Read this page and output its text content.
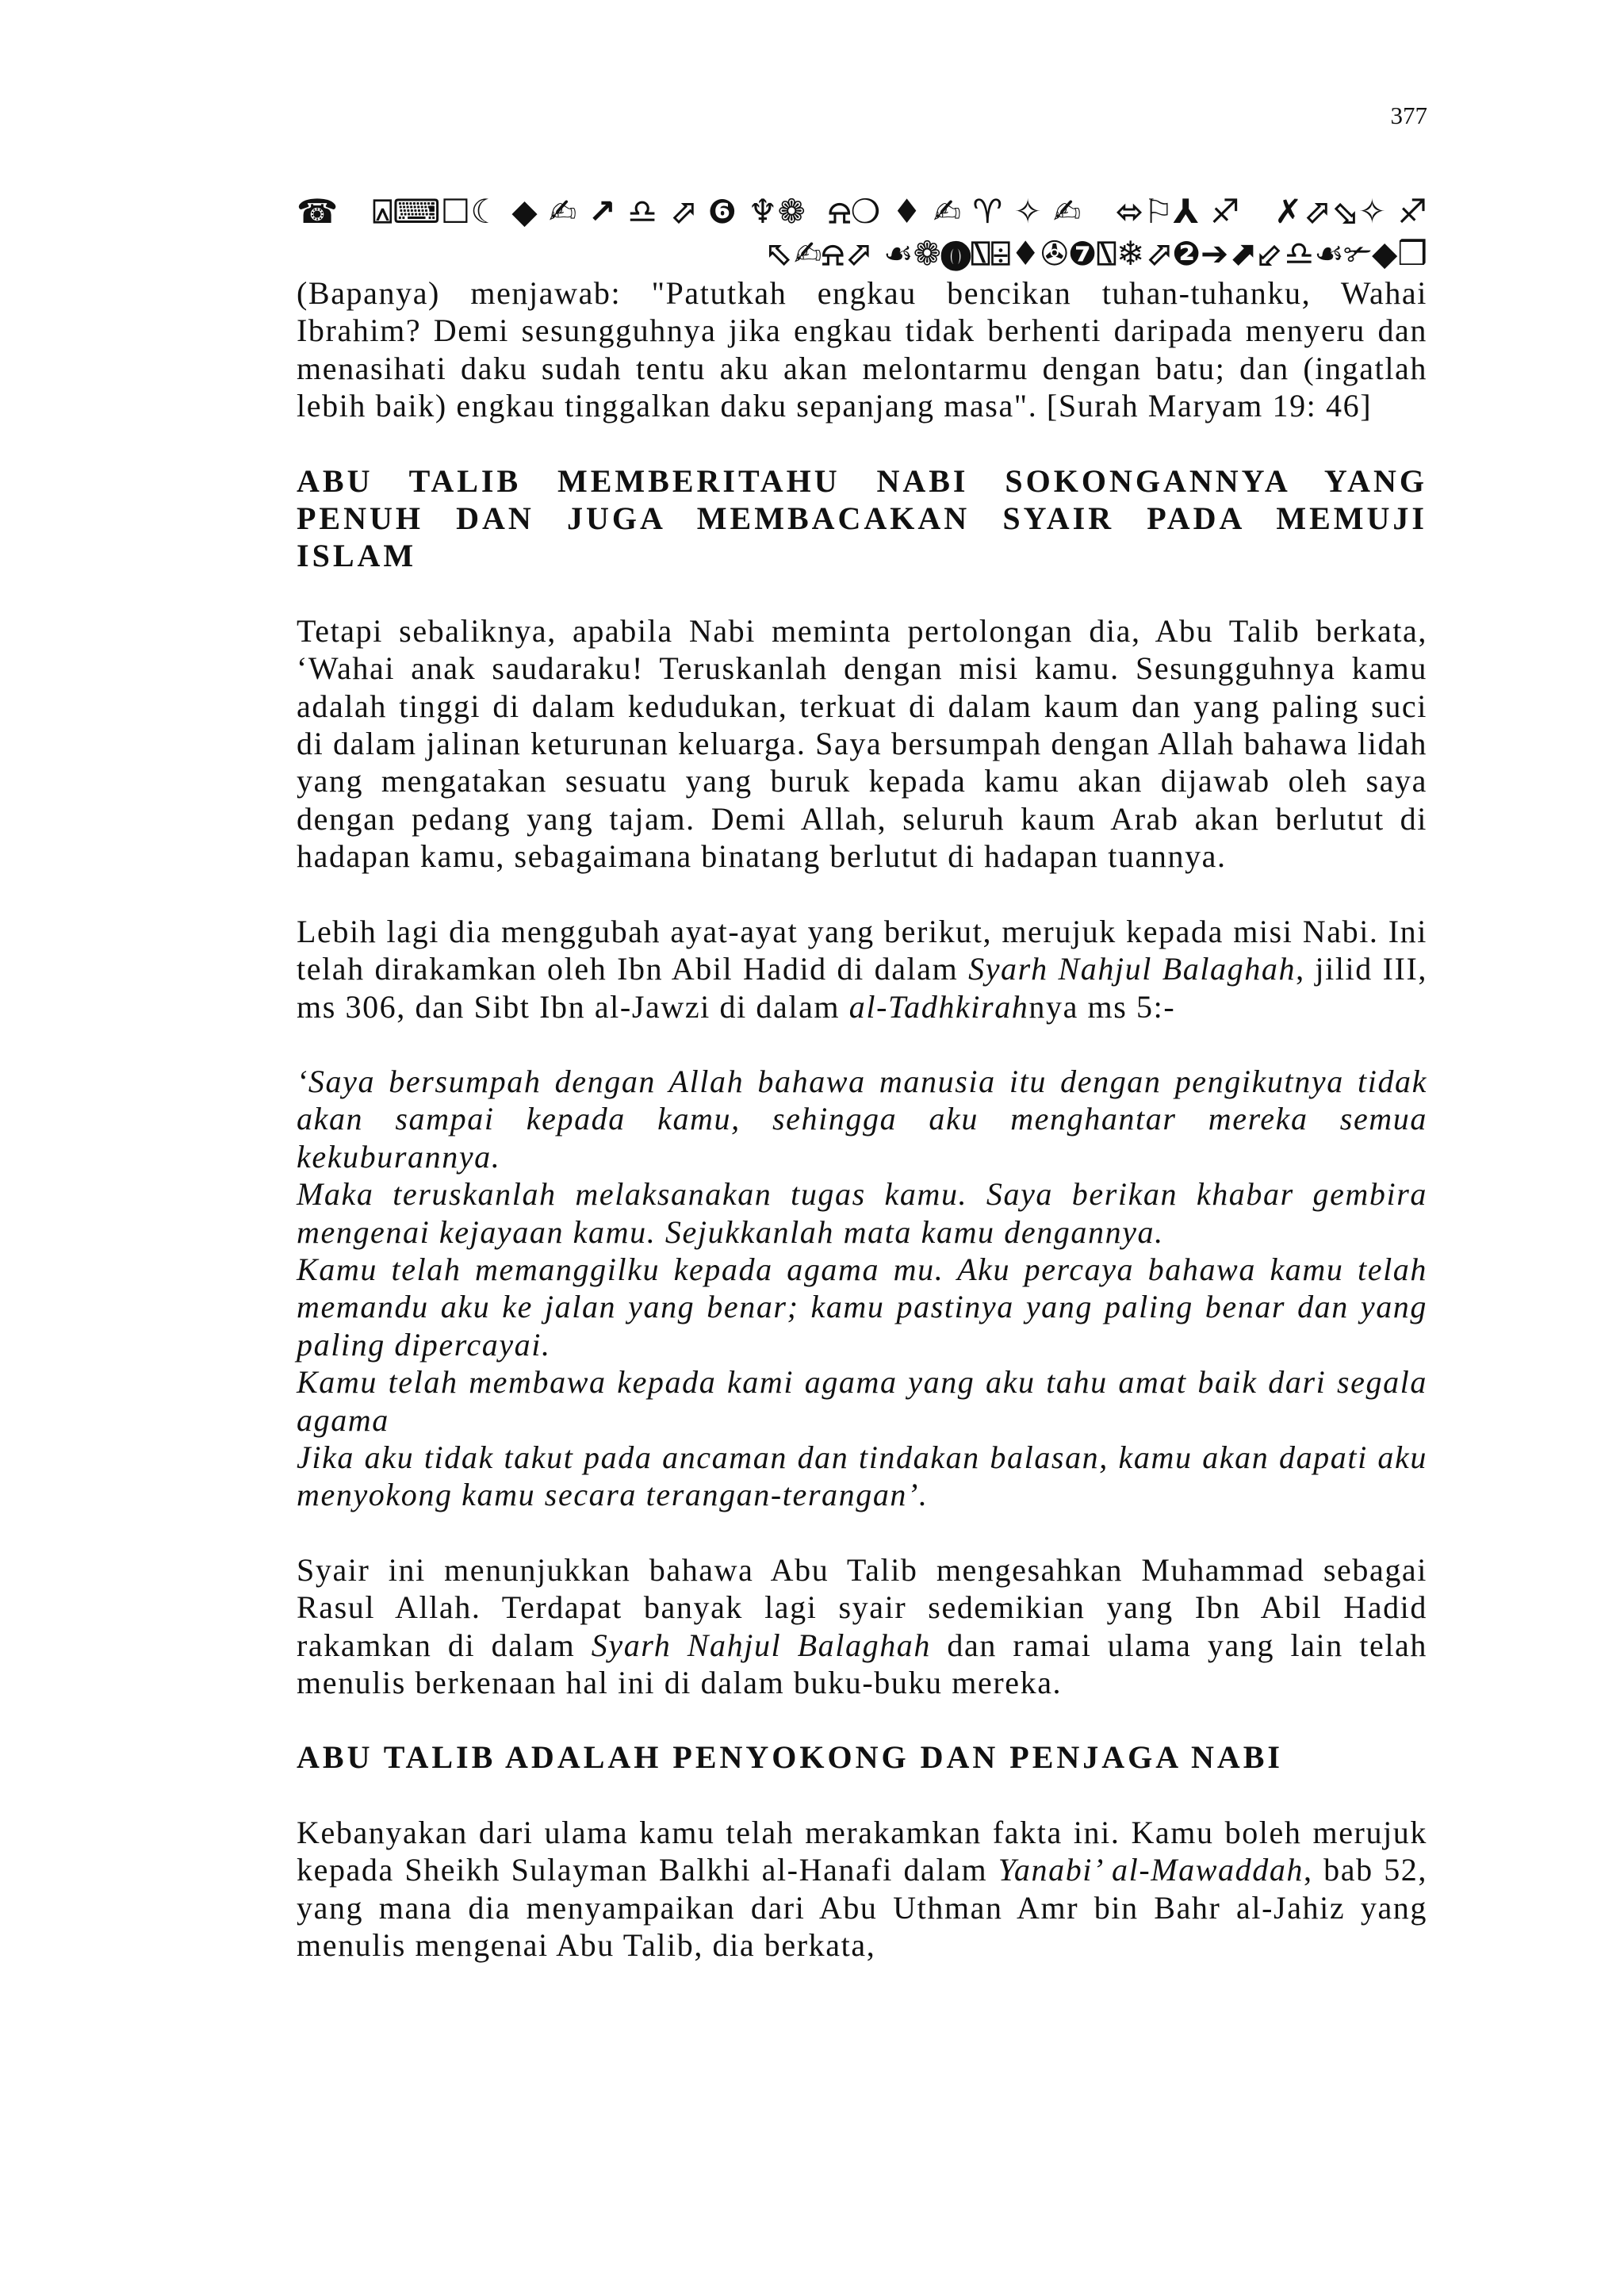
377
☎ ⍓⌨☐☾◆✍↗♎⬀❻♆❁ ⍾❍♦✍♈✧✍ ⬄⚐⅄♐ ✗⬀⬂✧♐
⬁✍⍾⬀ ☙❁⓿⍂⌹♦✇❼⍂❄⬀❷➔⬈⬃♎☙✃◆❒

(Bapanya) menjawab: "Patutkah engkau bencikan tuhan-tuhanku, Wahai Ibrahim? Demi sesungguhnya jika engkau tidak berhenti daripada menyeru dan menasihati daku sudah tentu aku akan melontarmu dengan batu; dan (ingatlah lebih baik) engkau tinggalkan daku sepanjang masa". [Surah Maryam 19: 46]

ABU TALIB MEMBERITAHU NABI SOKONGANNYA YANG PENUH DAN JUGA MEMBACAKAN SYAIR PADA MEMUJI ISLAM

Tetapi sebaliknya, apabila Nabi meminta pertolongan dia, Abu Talib berkata, ‘Wahai anak saudaraku! Teruskanlah dengan misi kamu. Sesungguhnya kamu adalah tinggi di dalam kedudukan, terkuat di dalam kaum dan yang paling suci di dalam jalinan keturunan keluarga. Saya bersumpah dengan Allah bahawa lidah yang mengatakan sesuatu yang buruk kepada kamu akan dijawab oleh saya dengan pedang yang tajam. Demi Allah, seluruh kaum Arab akan berlutut di hadapan kamu, sebagaimana binatang berlutut di hadapan tuannya.

Lebih lagi dia menggubah ayat-ayat yang berikut, merujuk kepada misi Nabi. Ini telah dirakamkan oleh Ibn Abil Hadid di dalam Syarh Nahjul Balaghah, jilid III, ms 306, dan Sibt Ibn al-Jawzi di dalam al-Tadhkirahnya ms 5:-

‘Saya bersumpah dengan Allah bahawa manusia itu dengan pengikutnya tidak akan sampai kepada kamu, sehingga aku menghantar mereka semua kekuburannya.

Maka teruskanlah melaksanakan tugas kamu. Saya berikan khabar gembira mengenai kejayaan kamu. Sejukkanlah mata kamu dengannya.

Kamu telah memanggilku kepada agama mu. Aku percaya bahawa kamu telah memandu aku ke jalan yang benar; kamu pastinya yang paling benar dan yang paling dipercayai.

Kamu telah membawa kepada kami agama yang aku tahu amat baik dari segala agama

Jika aku tidak takut pada ancaman dan tindakan balasan, kamu akan dapati aku menyokong kamu secara terangan-terangan’.

Syair ini menunjukkan bahawa Abu Talib mengesahkan Muhammad sebagai Rasul Allah. Terdapat banyak lagi syair sedemikian yang Ibn Abil Hadid rakamkan di dalam Syarh Nahjul Balaghah dan ramai ulama yang lain telah menulis berkenaan hal ini di dalam buku-buku mereka.

ABU TALIB ADALAH PENYOKONG DAN PENJAGA NABI

Kebanyakan dari ulama kamu telah merakamkan fakta ini. Kamu boleh merujuk kepada Sheikh Sulayman Balkhi al-Hanafi dalam Yanabi’ al-Mawaddah, bab 52, yang mana dia menyampaikan dari Abu Uthman Amr bin Bahr al-Jahiz yang menulis mengenai Abu Talib, dia berkata,
